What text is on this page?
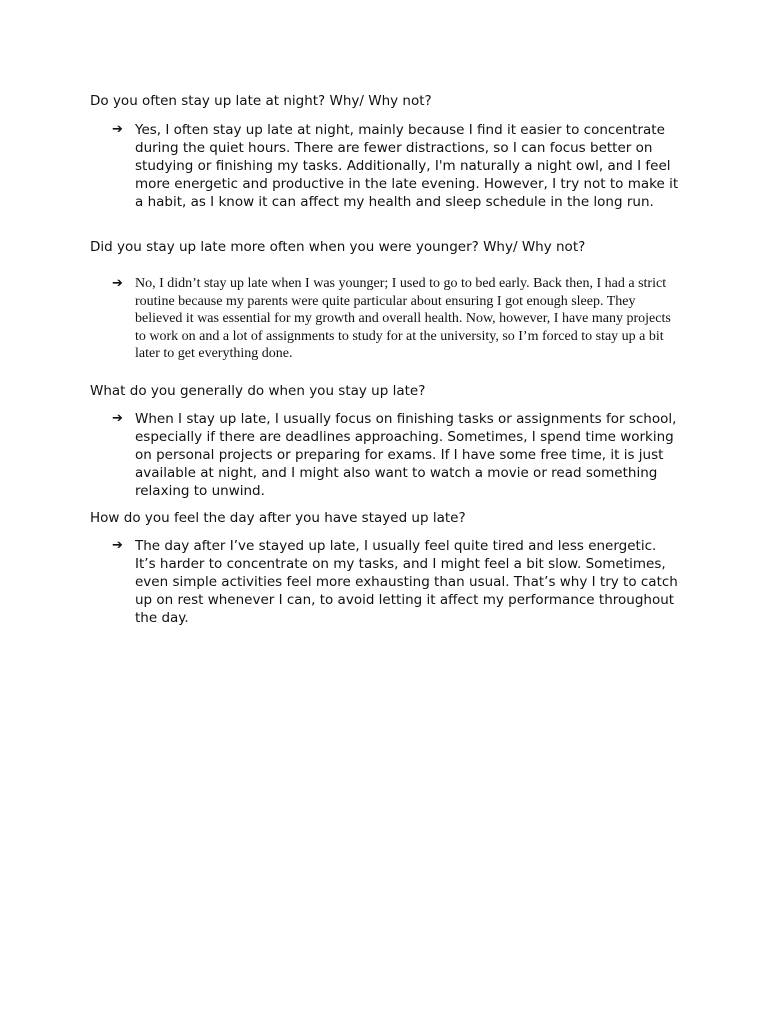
Do you often stay up late at night? Why/ Why not?

➔ Yes, I often stay up late at night, mainly because I find it easier to concentrate during the quiet hours. There are fewer distractions, so I can focus better on studying or finishing my tasks. Additionally, I'm naturally a night owl, and I feel more energetic and productive in the late evening. However, I try not to make it a habit, as I know it can affect my health and sleep schedule in the long run.

Did you stay up late more often when you were younger? Why/ Why not?

➔ No, I didn’t stay up late when I was younger; I used to go to bed early. Back then, I had a strict routine because my parents were quite particular about ensuring I got enough sleep. They believed it was essential for my growth and overall health. Now, however, I have many projects to work on and a lot of assignments to study for at the university, so I’m forced to stay up a bit later to get everything done.

What do you generally do when you stay up late?

➔ When I stay up late, I usually focus on finishing tasks or assignments for school, especially if there are deadlines approaching. Sometimes, I spend time working on personal projects or preparing for exams. If I have some free time, it is just available at night, and I might also want to watch a movie or read something relaxing to unwind.

How do you feel the day after you have stayed up late?

➔ The day after I’ve stayed up late, I usually feel quite tired and less energetic. It’s harder to concentrate on my tasks, and I might feel a bit slow. Sometimes, even simple activities feel more exhausting than usual. That’s why I try to catch up on rest whenever I can, to avoid letting it affect my performance throughout the day.
